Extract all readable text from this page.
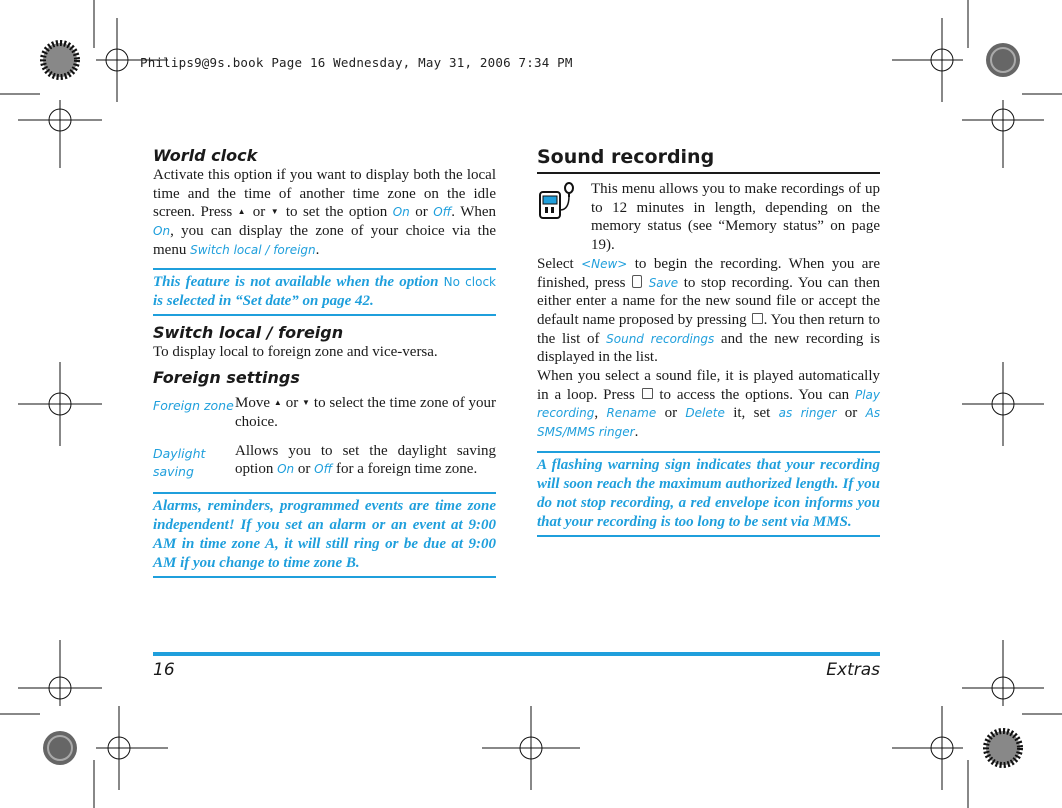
Philips9@9s.book Page 16 Wednesday, May 31, 2006 7:34 PM
World clock

Activate this option if you want to display both the local time and the time of another time zone on the idle screen. Press ▲ or ▼ to set the option On or Off. When On, you can display the zone of your choice via the menu Switch local / foreign.

This feature is not available when the option No clock is selected in “Set date” on page 42.
Switch local / foreign

To display local to foreign zone and vice-versa.

Foreign settings
Foreign zone	Move ▲ or ▼ to select the time zone of your choice.

Daylight saving	Allows you to set the daylight saving option On or Off for a foreign time zone.

Alarms, reminders, programmed events are time zone independent! If you set an alarm or an event at 9:00 AM in time zone A, it will still ring or be due at 9:00 AM if you change to time zone B.
Sound recording

This menu allows you to make recordings of up to 12 minutes in length, depending on the memory status (see “Memory status” on page 19).

Select <New> to begin the recording. When you are finished, press Save to stop recording. You can then either enter a name for the new sound file or accept the default name proposed by pressing . You then return to the list of Sound recordings and the new recording is displayed in the list.

When you select a sound file, it is played automatically in a loop. Press to access the options. You can Play recording, Rename or Delete it, set as ringer or As SMS/MMS ringer.

A flashing warning sign indicates that your recording will soon reach the maximum authorized length. If you do not stop recording, a red envelope icon informs you that your recording is too long to be sent via MMS.
16	Extras
